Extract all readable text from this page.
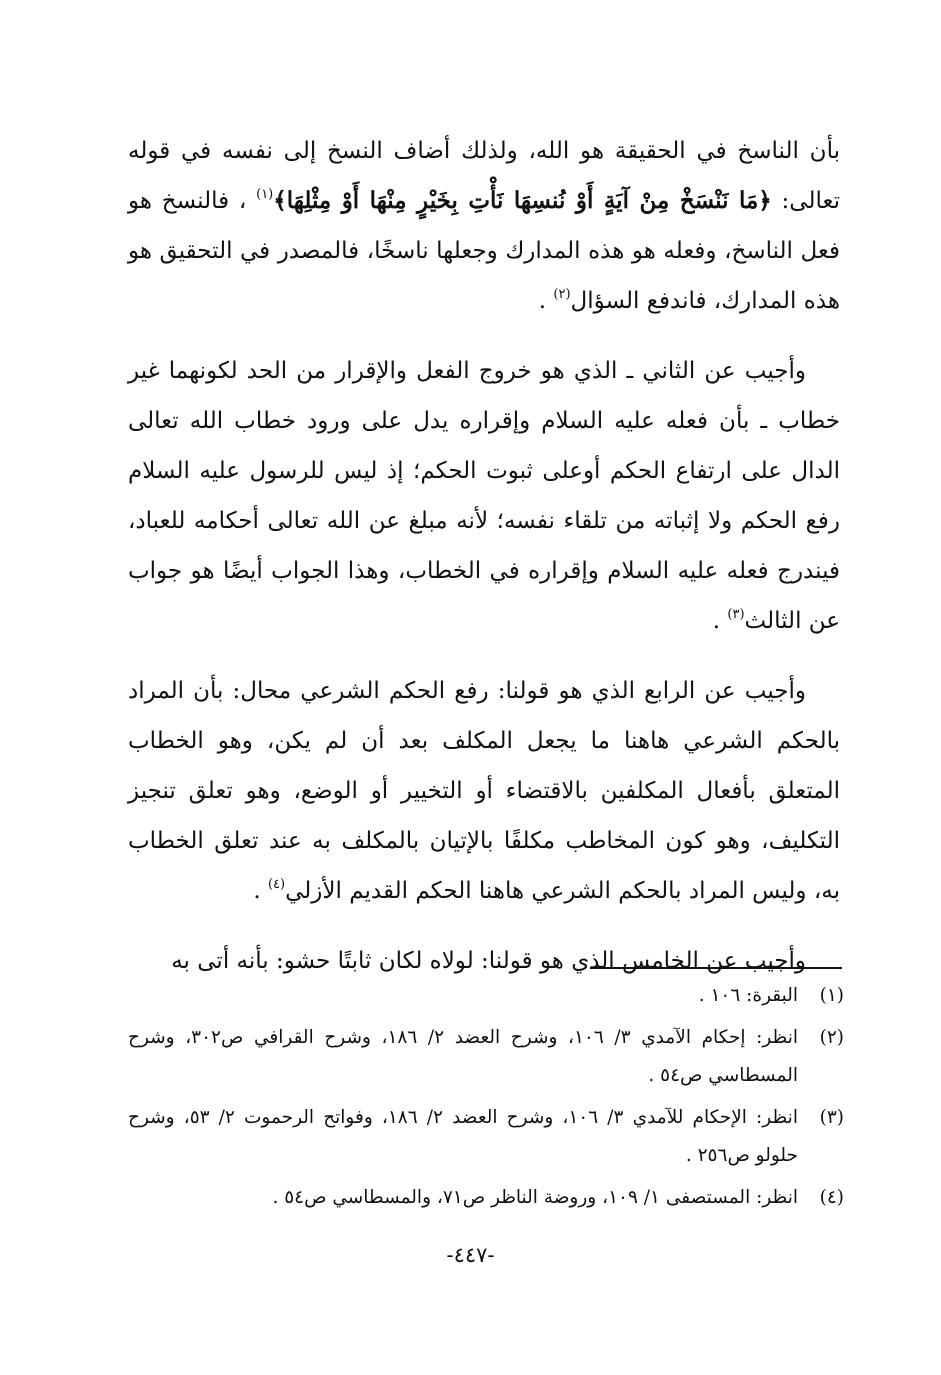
بأن الناسخ في الحقيقة هو الله، ولذلك أضاف النسخ إلى نفسه في قوله تعالى: ﴿مَا نَنْسَخْ مِنْ آيَةٍ أَوْ نُنسِهَا نَأْتِ بِخَيْرٍ مِنْهَا أَوْ مِثْلِهَا﴾$^{(١)}$ ، فالنسخ هو فعل الناسخ، وفعله هو هذه المدارك وجعلها ناسخًا، فالمصدر في التحقيق هو هذه المدارك، فاندفع السؤال$^{(٢)}$ .

وأجيب عن الثاني ـ الذي هو خروج الفعل والإقرار من الحد لكونهما غير خطاب ـ بأن فعله عليه السلام وإقراره يدل على ورود خطاب الله تعالى الدال على ارتفاع الحكم أوعلى ثبوت الحكم؛ إذ ليس للرسول عليه السلام رفع الحكم ولا إثباته من تلقاء نفسه؛ لأنه مبلغ عن الله تعالى أحكامه للعباد، فيندرج فعله عليه السلام وإقراره في الخطاب، وهذا الجواب أيضًا هو جواب عن الثالث$^{(٣)}$ .

وأجيب عن الرابع الذي هو قولنا: رفع الحكم الشرعي محال: بأن المراد بالحكم الشرعي هاهنا ما يجعل المكلف بعد أن لم يكن، وهو الخطاب المتعلق بأفعال المكلفين بالاقتضاء أو التخيير أو الوضع، وهو تعلق تنجيز التكليف، وهو كون المخاطب مكلفًا بالإتيان بالمكلف به عند تعلق الخطاب به، وليس المراد بالحكم الشرعي هاهنا الحكم القديم الأزلي$^{(٤)}$ .

وأجيب عن الخامس الذي هو قولنا: لولاه لكان ثابتًا حشو: بأنه أتى به

(١)البقرة: ١٠٦ .

(٢)انظر: إحكام الآمدي ٣/ ١٠٦، وشرح العضد ٢/ ١٨٦، وشرح القرافي ص٣٠٢، وشرح المسطاسي ص٥٤ .

(٣)انظر: الإحكام للآمدي ٣/ ١٠٦، وشرح العضد ٢/ ١٨٦، وفواتح الرحموت ٢/ ٥٣، وشرح حلولو ص٢٥٦ .

(٤)انظر: المستصفى ١/ ١٠٩، وروضة الناظر ص٧١، والمسطاسي ص٥٤ .

-٤٤٧-
